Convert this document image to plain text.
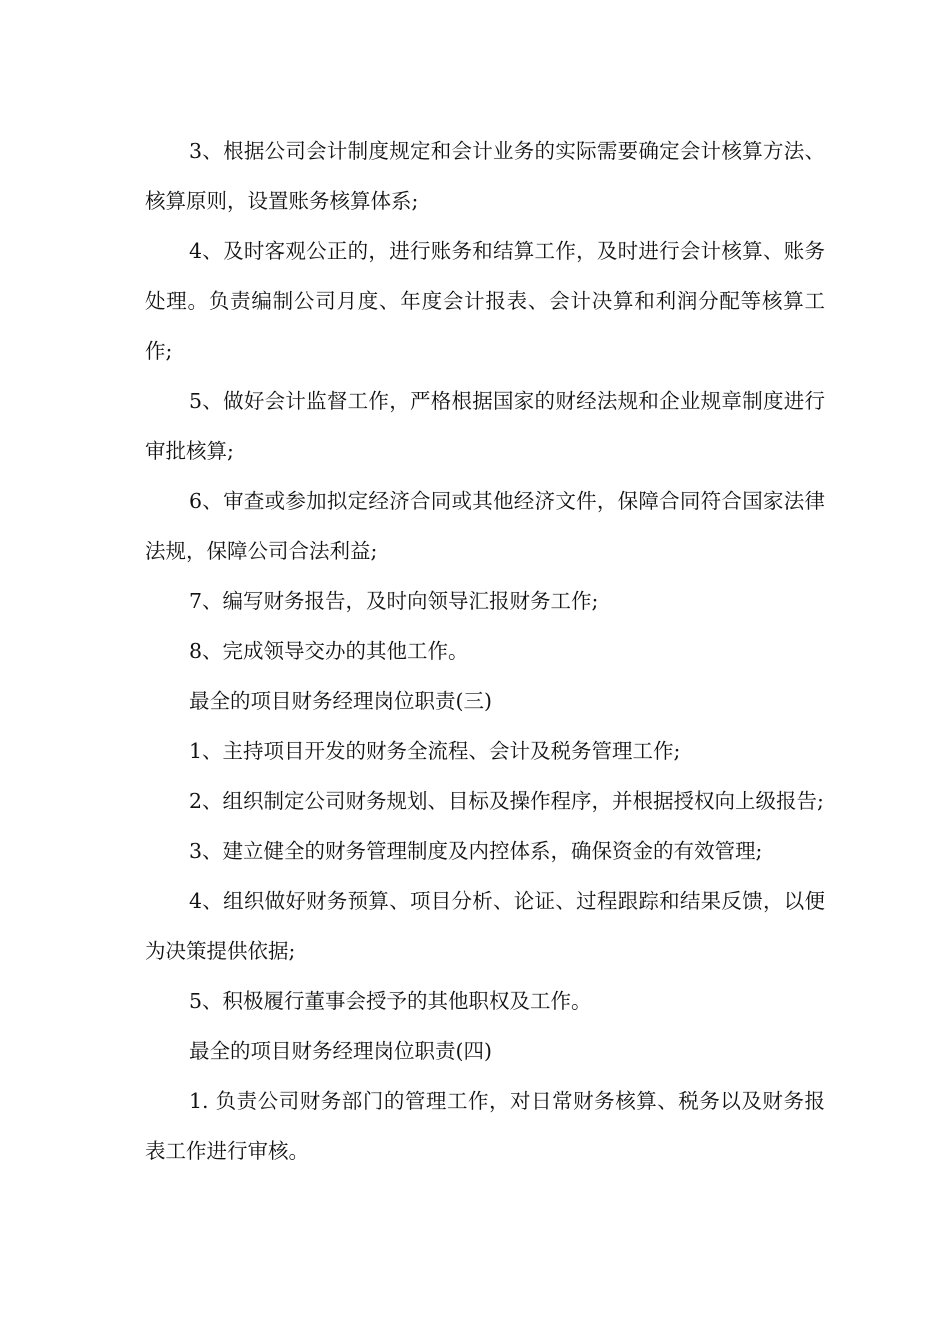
3、根据公司会计制度规定和会计业务的实际需要确定会计核算方法、核算原则，设置账务核算体系;

4、及时客观公正的，进行账务和结算工作，及时进行会计核算、账务处理。负责编制公司月度、年度会计报表、会计决算和利润分配等核算工作;

5、做好会计监督工作，严格根据国家的财经法规和企业规章制度进行审批核算;

6、审查或参加拟定经济合同或其他经济文件，保障合同符合国家法律法规，保障公司合法利益;

7、编写财务报告，及时向领导汇报财务工作;

8、完成领导交办的其他工作。

最全的项目财务经理岗位职责(三)

1、主持项目开发的财务全流程、会计及税务管理工作;

2、组织制定公司财务规划、目标及操作程序，并根据授权向上级报告;

3、建立健全的财务管理制度及内控体系，确保资金的有效管理;

4、组织做好财务预算、项目分析、论证、过程跟踪和结果反馈，以便为决策提供依据;

5、积极履行董事会授予的其他职权及工作。

最全的项目财务经理岗位职责(四)

1. 负责公司财务部门的管理工作，对日常财务核算、税务以及财务报表工作进行审核。
